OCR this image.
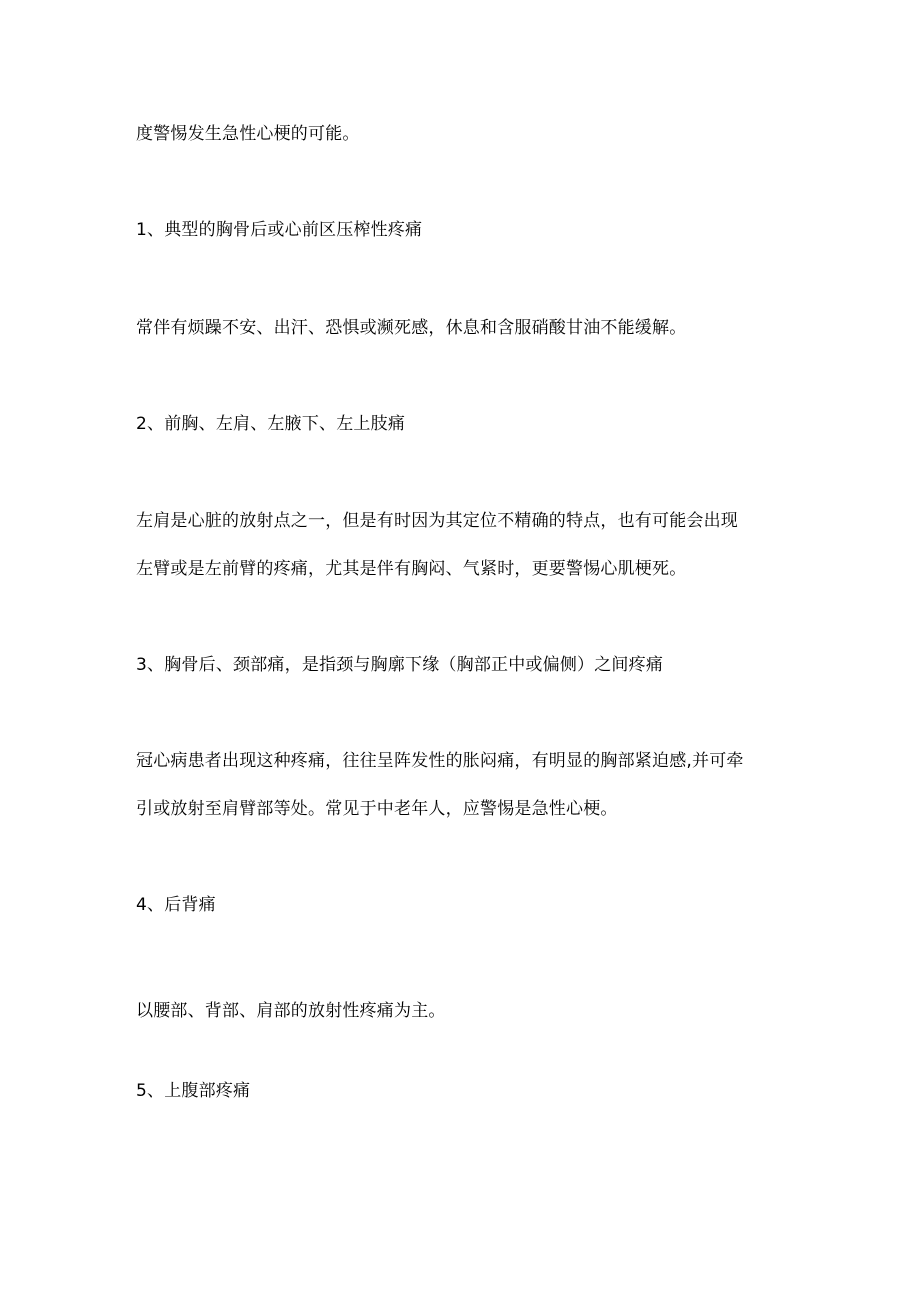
度警惕发生急性心梗的可能。
1、典型的胸骨后或心前区压榨性疼痛
常伴有烦躁不安、出汗、恐惧或濒死感，休息和含服硝酸甘油不能缓解。
2、前胸、左肩、左腋下、左上肢痛
左肩是心脏的放射点之一，但是有时因为其定位不精确的特点，也有可能会出现
左臂或是左前臂的疼痛，尤其是伴有胸闷、气紧时，更要警惕心肌梗死。
3、胸骨后、颈部痛，是指颈与胸廓下缘（胸部正中或偏侧）之间疼痛
冠心病患者出现这种疼痛，往往呈阵发性的胀闷痛，有明显的胸部紧迫感,并可牵
引或放射至肩臂部等处。常见于中老年人，应警惕是急性心梗。
4、后背痛
以腰部、背部、肩部的放射性疼痛为主。
5、上腹部疼痛
